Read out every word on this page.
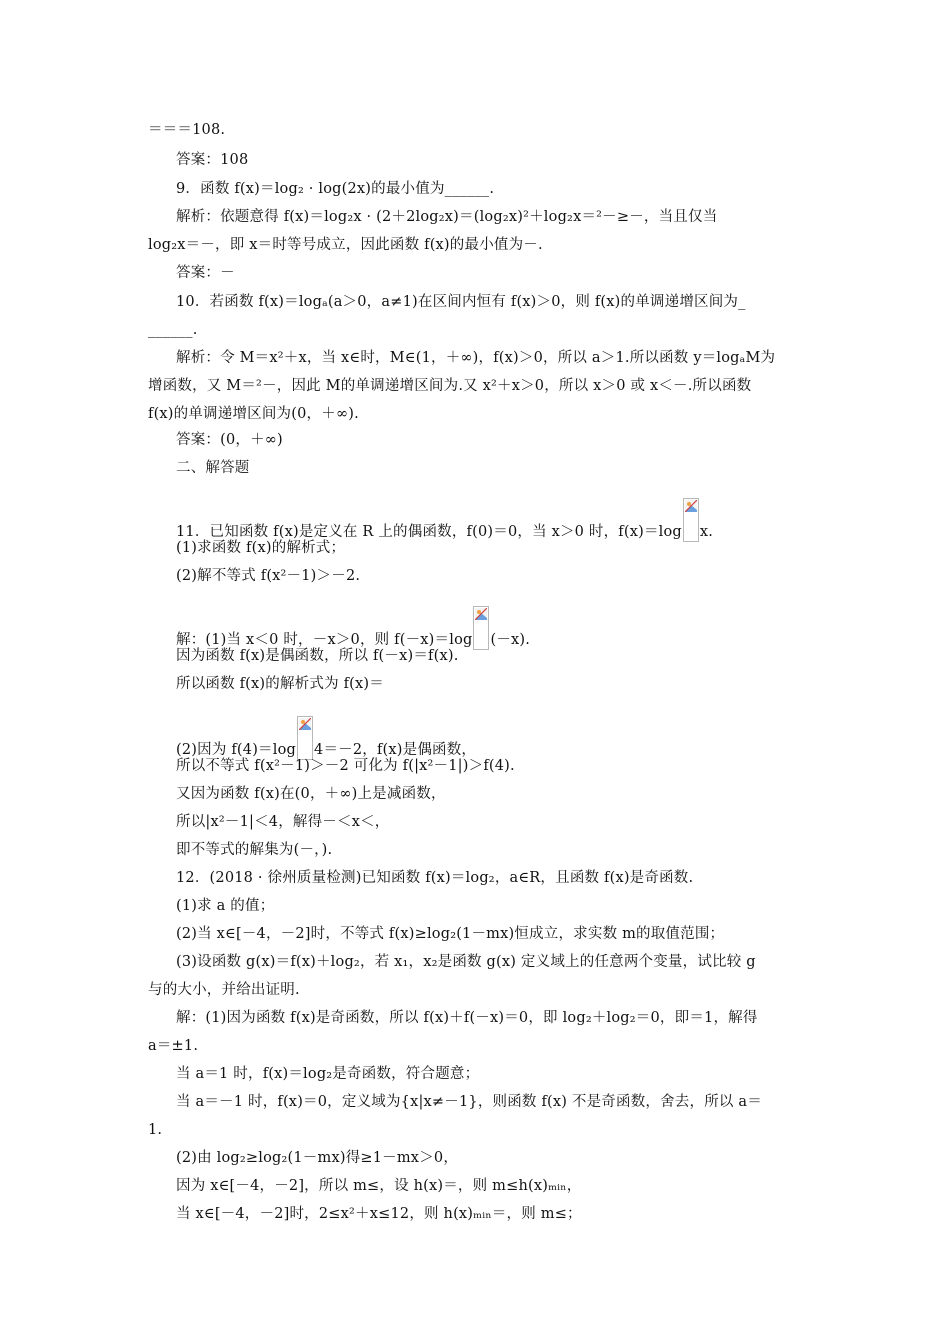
＝＝＝108.
答案：108
9．函数 f(x)＝log₂ · log(2x)的最小值为______.
解析：依题意得 f(x)＝log₂x · (2＋2log₂x)＝(log₂x)²＋log₂x＝²－≥－，当且仅当
log₂x＝－，即 x＝时等号成立，因此函数 f(x)的最小值为－.
答案：－
10．若函数 f(x)＝logₐ(a＞0，a≠1)在区间内恒有 f(x)＞0，则 f(x)的单调递增区间为_
______.
解析：令 M＝x²＋x，当 x∈时，M∈(1，＋∞)，f(x)＞0，所以 a＞1.所以函数 y＝logₐM为
增函数，又 M＝²－，因此 M的单调递增区间为.又 x²＋x＞0，所以 x＞0 或 x＜－.所以函数
f(x)的单调递增区间为(0，＋∞).
答案：(0，＋∞)
二、解答题
11．已知函数 f(x)是定义在 R 上的偶函数，f(0)＝0，当 x＞0 时，f(x)＝log x.
(1)求函数 f(x)的解析式；
(2)解不等式 f(x²－1)＞－2.
解：(1)当 x＜0 时，－x＞0，则 f(－x)＝log (－x).
因为函数 f(x)是偶函数，所以 f(－x)＝f(x).
所以函数 f(x)的解析式为 f(x)＝
(2)因为 f(4)＝log 4＝－2，f(x)是偶函数，
所以不等式 f(x²－1)＞－2 可化为 f(|x²－1|)＞f(4).
又因为函数 f(x)在(0，＋∞)上是减函数，
所以|x²－1|＜4，解得－＜x＜，
即不等式的解集为(－，).
12．(2018 · 徐州质量检测)已知函数 f(x)＝log₂，a∈R，且函数 f(x)是奇函数.
(1)求 a 的值；
(2)当 x∈[－4，－2]时，不等式 f(x)≥log₂(1－mx)恒成立，求实数 m的取值范围；
(3)设函数 g(x)＝f(x)＋log₂，若 x₁，x₂是函数 g(x) 定义域上的任意两个变量，试比较 g
与的大小，并给出证明.
解：(1)因为函数 f(x)是奇函数，所以 f(x)＋f(－x)＝0，即 log₂＋log₂＝0，即＝1，解得
a＝±1.
当 a＝1 时，f(x)＝log₂是奇函数，符合题意；
当 a＝－1 时，f(x)＝0，定义域为{x|x≠－1}，则函数 f(x) 不是奇函数，舍去，所以 a＝
1.
(2)由 log₂≥log₂(1－mx)得≥1－mx＞0，
因为 x∈[－4，－2]，所以 m≤，设 h(x)＝，则 m≤h(x)ₘᵢₙ，
当 x∈[－4，－2]时，2≤x²＋x≤12，则 h(x)ₘᵢₙ＝，则 m≤；
